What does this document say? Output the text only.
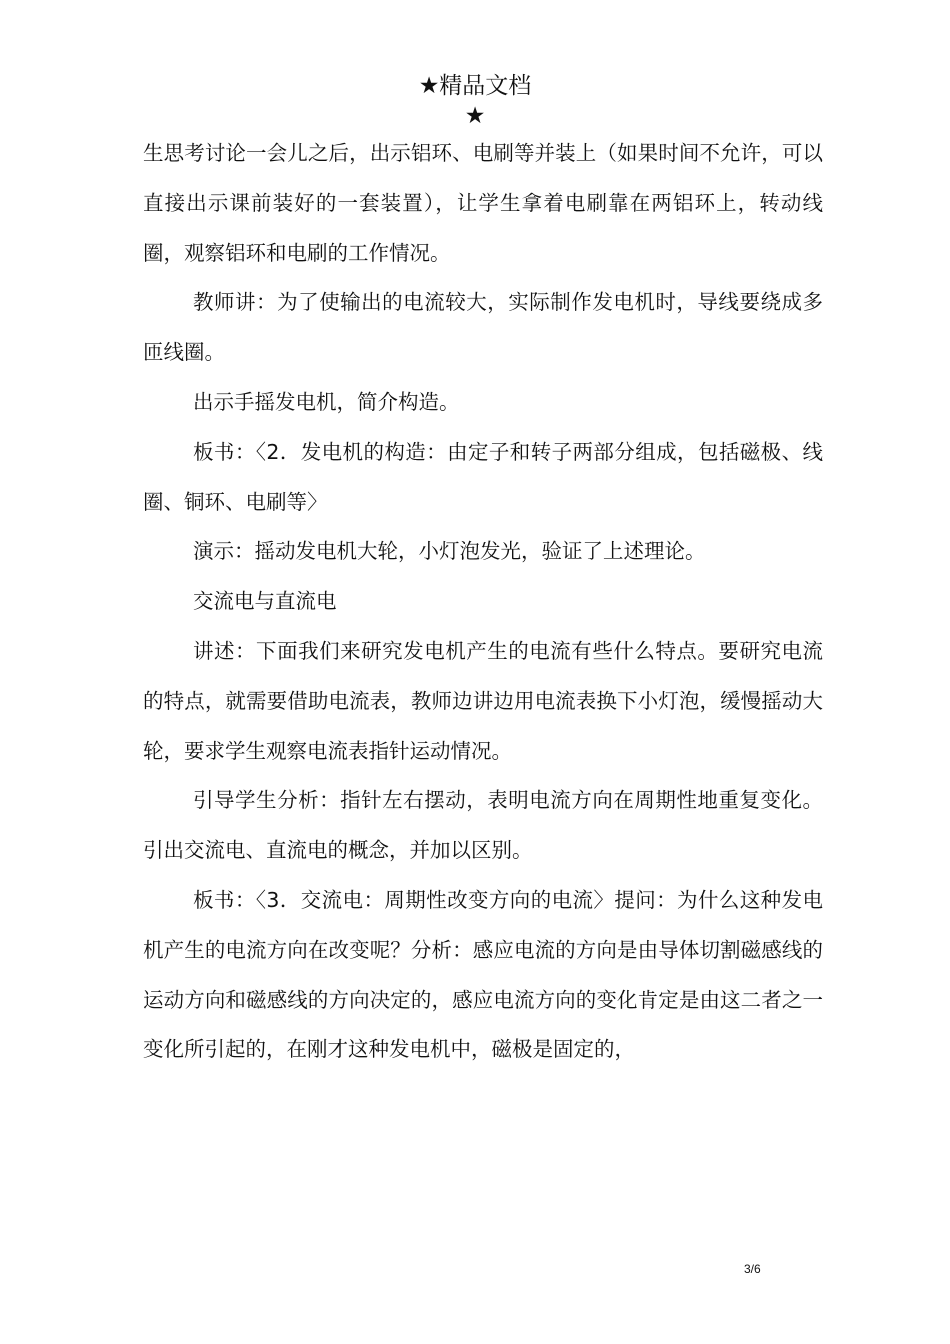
★精品文档
★

生思考讨论一会儿之后，出示铝环、电刷等并装上（如果时间不允许，可以直接出示课前装好的一套装置），让学生拿着电刷靠在两铝环上，转动线圈，观察铝环和电刷的工作情况。

教师讲：为了使输出的电流较大，实际制作发电机时，导线要绕成多匝线圈。

出示手摇发电机，简介构造。

板书：〈2．发电机的构造：由定子和转子两部分组成，包括磁极、线圈、铜环、电刷等〉

演示：摇动发电机大轮，小灯泡发光，验证了上述理论。

交流电与直流电

讲述：下面我们来研究发电机产生的电流有些什么特点。要研究电流的特点，就需要借助电流表，教师边讲边用电流表换下小灯泡，缓慢摇动大轮，要求学生观察电流表指针运动情况。

引导学生分析：指针左右摆动，表明电流方向在周期性地重复变化。引出交流电、直流电的概念，并加以区别。

板书：〈3．交流电：周期性改变方向的电流〉提问：为什么这种发电机产生的电流方向在改变呢？分析：感应电流的方向是由导体切割磁感线的运动方向和磁感线的方向决定的，感应电流方向的变化肯定是由这二者之一变化所引起的，在刚才这种发电机中，磁极是固定的，

3/6
